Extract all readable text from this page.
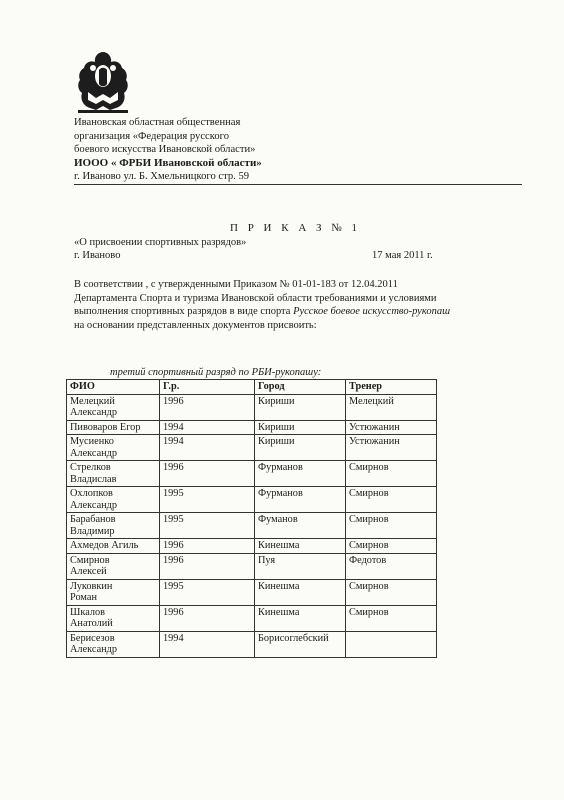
Ивановская областная общественная
организация «Федерация русского
боевого искусства Ивановской области»
ИООО « ФРБИ Ивановской области»
г. Иваново ул. Б. Хмельницкого стр. 59
П Р И К А З № 1
«О присвоении спортивных разрядов»
г. Иваново	17 мая 2011 г.
В соответствии , с утвержденными Приказом № 01-01-183 от 12.04.2011
Департамента Спорта и туризма Ивановской области требованиями и условиями
выполнения спортивных разрядов в виде спорта Русское боевое искусство-рукопаш
на основании представленных документов присвоить:
третий спортивный разряд по РБИ-рукопашу:
ФИО	Г.р.	Город	Тренер
Мелецкий
Александр	1996	Кириши	Мелецкий
Пивоваров Егор	1994	Кириши	Устюжанин
Мусиенко
Александр	1994	Кириши	Устюжанин
Стрелков
Владислав	1996	Фурманов	Смирнов
Охлопков
Александр	1995	Фурманов	Смирнов
Барабанов
Владимир	1995	Фуманов	Смирнов
Ахмедов Агиль	1996	Кинешма	Смирнов
Смирнов
Алексей	1996	Пуя	Федотов
Луковкин
Роман	1995	Кинешма	Смирнов
Шкалов
Анатолий	1996	Кинешма	Смирнов
Берисезов
Александр	1994	Борисоглебский	
